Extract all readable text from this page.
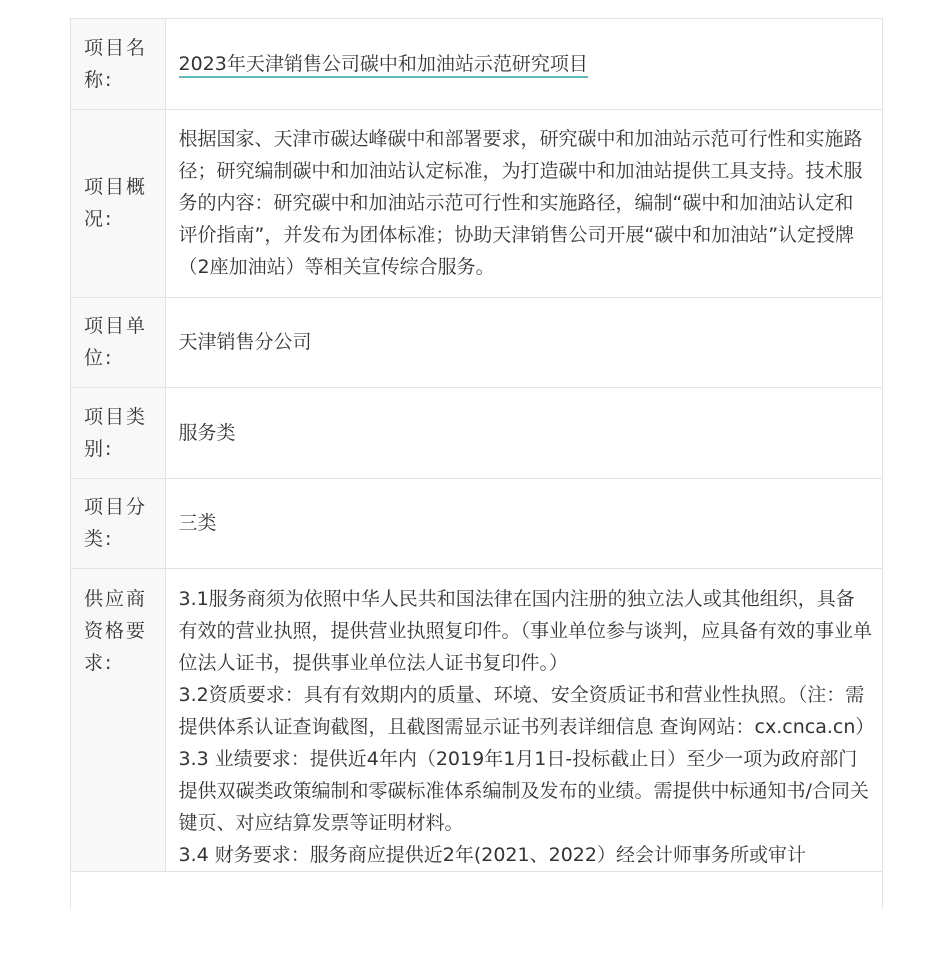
项目名称:	2023年天津销售公司碳中和加油站示范研究项目
项目概况:	根据国家、天津市碳达峰碳中和部署要求，研究碳中和加油站示范可行性和实施路径；研究编制碳中和加油站认定标准，为打造碳中和加油站提供工具支持。技术服务的内容：研究碳中和加油站示范可行性和实施路径，编制“碳中和加油站认定和评价指南”，并发布为团体标准；协助天津销售公司开展“碳中和加油站”认定授牌（2座加油站）等相关宣传综合服务。
项目单位:	天津销售分公司
项目类别:	服务类
项目分类:	三类
供应商资格要求:	3.1服务商须为依照中华人民共和国法律在国内注册的独立法人或其他组织，具备有效的营业执照，提供营业执照复印件。（事业单位参与谈判，应具备有效的事业单位法人证书，提供事业单位法人证书复印件。）
3.2资质要求：具有有效期内的质量、环境、安全资质证书和营业性执照。（注：需提供体系认证查询截图，且截图需显示证书列表详细信息 查询网站：cx.cnca.cn）
3.3 业绩要求：提供近4年内（2019年1月1日-投标截止日）至少一项为政府部门提供双碳类政策编制和零碳标准体系编制及发布的业绩。需提供中标通知书/合同关键页、对应结算发票等证明材料。
3.4 财务要求：服务商应提供近2年(2021、2022）经会计师事务所或审计
